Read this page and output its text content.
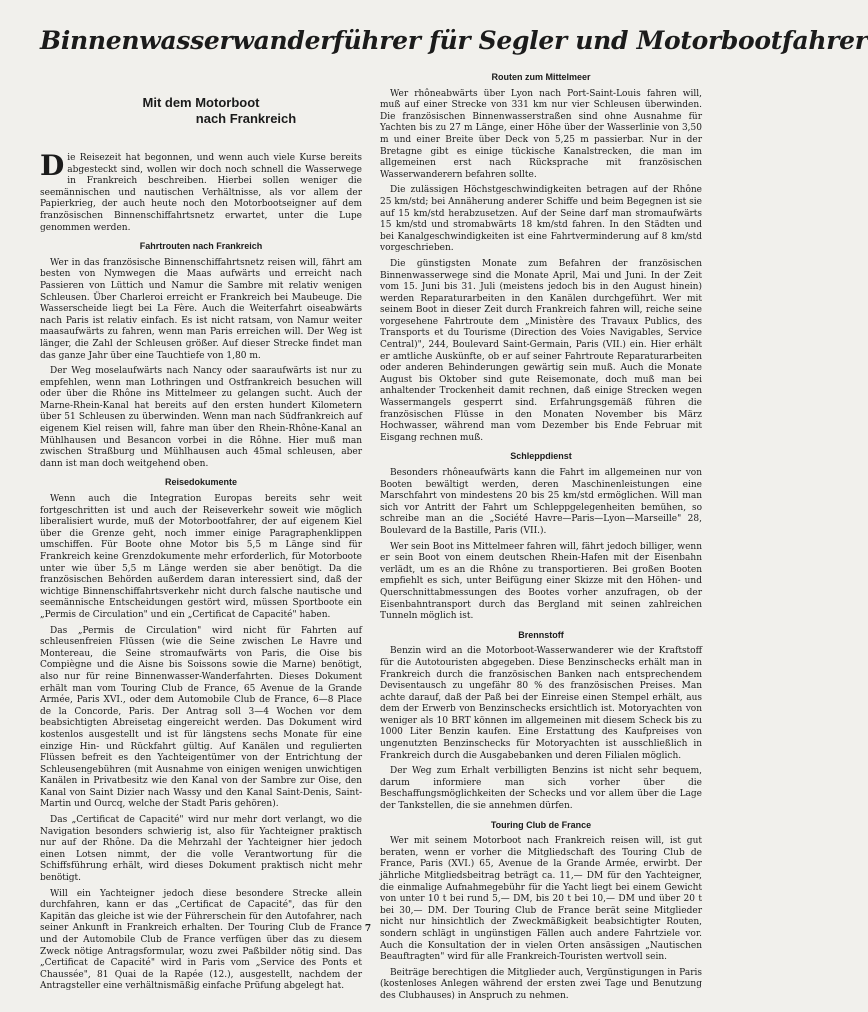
Binnenwasserwanderführer für Segler und Motorbootfahrer
Mit dem Motorboot
nach Frankreich

Die Reisezeit hat begonnen, und wenn auch viele Kurse bereits abgesteckt sind, wollen wir doch noch schnell die Wasserwege in Frankreich beschreiben. Hierbei sollen weniger die seemännischen und nautischen Verhältnisse, als vor allem der Papierkrieg, der auch heute noch den Motorbootseigner auf dem französischen Binnenschiffahrtsnetz erwartet, unter die Lupe genommen werden.

Fahrtrouten nach Frankreich

Wer in das französische Binnenschiffahrtsnetz reisen will, fährt am besten von Nymwegen die Maas aufwärts und erreicht nach Passieren von Lüttich und Namur die Sambre mit relativ wenigen Schleusen. Über Charleroi erreicht er Frankreich bei Maubeuge. Die Wasserscheide liegt bei La Fère. Auch die Weiterfahrt oiseabwärts nach Paris ist relativ einfach. Es ist nicht ratsam, von Namur weiter maasaufwärts zu fahren, wenn man Paris erreichen will. Der Weg ist länger, die Zahl der Schleusen größer. Auf dieser Strecke findet man das ganze Jahr über eine Tauchtiefe von 1,80 m.

Der Weg moselaufwärts nach Nancy oder saaraufwärts ist nur zu empfehlen, wenn man Lothringen und Ostfrankreich besuchen will oder über die Rhône ins Mittelmeer zu gelangen sucht. Auch der Marne-Rhein-Kanal hat bereits auf den ersten hundert Kilometern über 51 Schleusen zu überwinden. Wenn man nach Südfrankreich auf eigenem Kiel reisen will, fahre man über den Rhein-Rhône-Kanal an Mühlhausen und Besancon vorbei in die Rôhne. Hier muß man zwischen Straßburg und Mühlhausen auch 45mal schleusen, aber dann ist man doch weitgehend oben.

Reisedokumente

Wenn auch die Integration Europas bereits sehr weit fortgeschritten ist und auch der Reiseverkehr soweit wie möglich liberalisiert wurde, muß der Motorbootfahrer, der auf eigenem Kiel über die Grenze geht, noch immer einige Paragraphenklippen umschiffen. Für Boote ohne Motor bis 5,5 m Länge sind für Frankreich keine Grenzdokumente mehr erforderlich, für Motorboote unter wie über 5,5 m Länge werden sie aber benötigt. Da die französischen Behörden außerdem daran interessiert sind, daß der wichtige Binnenschiffahrtsverkehr nicht durch falsche nautische und seemännische Entscheidungen gestört wird, müssen Sportboote ein „Permis de Circulation" und ein „Certificat de Capacité" haben.

Das „Permis de Circulation" wird nicht für Fahrten auf schleusenfreien Flüssen (wie die Seine zwischen Le Havre und Montereau, die Seine stromaufwärts von Paris, die Oise bis Compiègne und die Aisne bis Soissons sowie die Marne) benötigt, also nur für reine Binnenwasser-Wanderfahrten. Dieses Dokument erhält man vom Touring Club de France, 65 Avenue de la Grande Armée, Paris XVI., oder dem Automobile Club de France, 6—8 Place de la Concorde, Paris. Der Antrag soll 3—4 Wochen vor dem beabsichtigten Abreisetag eingereicht werden. Das Dokument wird kostenlos ausgestellt und ist für längstens sechs Monate für eine einzige Hin- und Rückfahrt gültig. Auf Kanälen und regulierten Flüssen befreit es den Yachteigentümer von der Entrichtung der Schleusengebühren (mit Ausnahme von einigen wenigen unwichtigen Kanälen in Privatbesitz wie den Kanal von der Sambre zur Oise, den Kanal von Saint Dizier nach Wassy und den Kanal Saint-Denis, Saint-Martin und Ourcq, welche der Stadt Paris gehören).

Das „Certificat de Capacité" wird nur mehr dort verlangt, wo die Navigation besonders schwierig ist, also für Yachteigner praktisch nur auf der Rhône. Da die Mehrzahl der Yachteigner hier jedoch einen Lotsen nimmt, der die volle Verantwortung für die Schiffsführung erhält, wird dieses Dokument praktisch nicht mehr benötigt.

Will ein Yachteigner jedoch diese besondere Strecke allein durchfahren, kann er das „Certificat de Capacité", das für den Kapitän das gleiche ist wie der Führerschein für den Autofahrer, nach seiner Ankunft in Frankreich erhalten. Der Touring Club de France und der Automobile Club de France verfügen über das zu diesem Zweck nötige Antragsformular, wozu zwei Paßbilder nötig sind. Das „Certificat de Capacité" wird in Paris vom „Service des Ponts et Chaussée", 81 Quai de la Rapée (12.), ausgestellt, nachdem der Antragsteller eine verhältnismäßig einfache Prüfung abgelegt hat.

Routen zum Mittelmeer

Wer rhôneabwärts über Lyon nach Port-Saint-Louis fahren will, muß auf einer Strecke von 331 km nur vier Schleusen überwinden. Die französischen Binnenwasserstraßen sind ohne Ausnahme für Yachten bis zu 27 m Länge, einer Höhe über der Wasserlinie von 3,50 m und einer Breite über Deck von 5,25 m passierbar. Nur in der Bretagne gibt es einige tückische Kanalstrecken, die man im allgemeinen erst nach Rücksprache mit französischen Wasserwanderern befahren sollte.

Die zulässigen Höchstgeschwindigkeiten betragen auf der Rhône 25 km/std; bei Annäherung anderer Schiffe und beim Begegnen ist sie auf 15 km/std herabzusetzen. Auf der Seine darf man stromaufwärts 15 km/std und stromabwärts 18 km/std fahren. In den Städten und bei Kanalgeschwindigkeiten ist eine Fahrtverminderung auf 8 km/std vorgeschrieben.

Die günstigsten Monate zum Befahren der französischen Binnenwasserwege sind die Monate April, Mai und Juni. In der Zeit vom 15. Juni bis 31. Juli (meistens jedoch bis in den August hinein) werden Reparaturarbeiten in den Kanälen durchgeführt. Wer mit seinem Boot in dieser Zeit durch Frankreich fahren will, reiche seine vorgesehene Fahrtroute dem „Ministère des Travaux Publics, des Transports et du Tourisme (Direction des Voies Navigables, Service Central)", 244, Boulevard Saint-Germain, Paris (VII.) ein. Hier erhält er amtliche Auskünfte, ob er auf seiner Fahrtroute Reparaturarbeiten oder anderen Behinderungen gewärtig sein muß. Auch die Monate August bis Oktober sind gute Reisemonate, doch muß man bei anhaltender Trockenheit damit rechnen, daß einige Strecken wegen Wassermangels gesperrt sind. Erfahrungsgemäß führen die französischen Flüsse in den Monaten November bis März Hochwasser, während man vom Dezember bis Ende Februar mit Eisgang rechnen muß.

Schleppdienst

Besonders rhôneaufwärts kann die Fahrt im allgemeinen nur von Booten bewältigt werden, deren Maschinenleistungen eine Marschfahrt von mindestens 20 bis 25 km/std ermöglichen. Will man sich vor Antritt der Fahrt um Schleppgelegenheiten bemühen, so schreibe man an die „Société Havre—Paris—Lyon—Marseille" 28, Boulevard de la Bastille, Paris (VII.).

Wer sein Boot ins Mittelmeer fahren will, fährt jedoch billiger, wenn er sein Boot von einem deutschen Rhein-Hafen mit der Eisenbahn verlädt, um es an die Rhône zu transportieren. Bei großen Booten empfiehlt es sich, unter Beifügung einer Skizze mit den Höhen- und Querschnittabmessungen des Bootes vorher anzufragen, ob der Eisenbahntransport durch das Bergland mit seinen zahlreichen Tunneln möglich ist.

Brennstoff

Benzin wird an die Motorboot-Wasserwanderer wie der Kraftstoff für die Autotouristen abgegeben. Diese Benzinschecks erhält man in Frankreich durch die französischen Banken nach entsprechendem Devisentausch zu ungefähr 80 % des französischen Preises. Man achte darauf, daß der Paß bei der Einreise einen Stempel erhält, aus dem der Erwerb von Benzinschecks ersichtlich ist. Motoryachten von weniger als 10 BRT können im allgemeinen mit diesem Scheck bis zu 1000 Liter Benzin kaufen. Eine Erstattung des Kaufpreises von ungenutzten Benzinschecks für Motoryachten ist ausschließlich in Frankreich durch die Ausgabebanken und deren Filialen möglich.

Der Weg zum Erhalt verbilligten Benzins ist nicht sehr bequem, darum informiere man sich vorher über die Beschaffungsmöglichkeiten der Schecks und vor allem über die Lage der Tankstellen, die sie annehmen dürfen.

Touring Club de France

Wer mit seinem Motorboot nach Frankreich reisen will, ist gut beraten, wenn er vorher die Mitgliedschaft des Touring Club de France, Paris (XVI.) 65, Avenue de la Grande Armée, erwirbt. Der jährliche Mitgliedsbeitrag beträgt ca. 11,— DM für den Yachteigner, die einmalige Aufnahmegebühr für die Yacht liegt bei einem Gewicht von unter 10 t bei rund 5,— DM, bis 20 t bei 10,— DM und über 20 t bei 30,— DM. Der Touring Club de France berät seine Mitglieder nicht nur hinsichtlich der Zweckmäßigkeit beabsichtigter Routen, sondern schlägt in ungünstigen Fällen auch andere Fahrtziele vor. Auch die Konsultation der in vielen Orten ansässigen „Nautischen Beauftragten" wird für alle Frankreich-Touristen wertvoll sein.

Beiträge berechtigen die Mitglieder auch, Vergünstigungen in Paris (kostenloses Anlegen während der ersten zwei Tage und Benutzung des Clubhauses) in Anspruch zu nehmen.

7
